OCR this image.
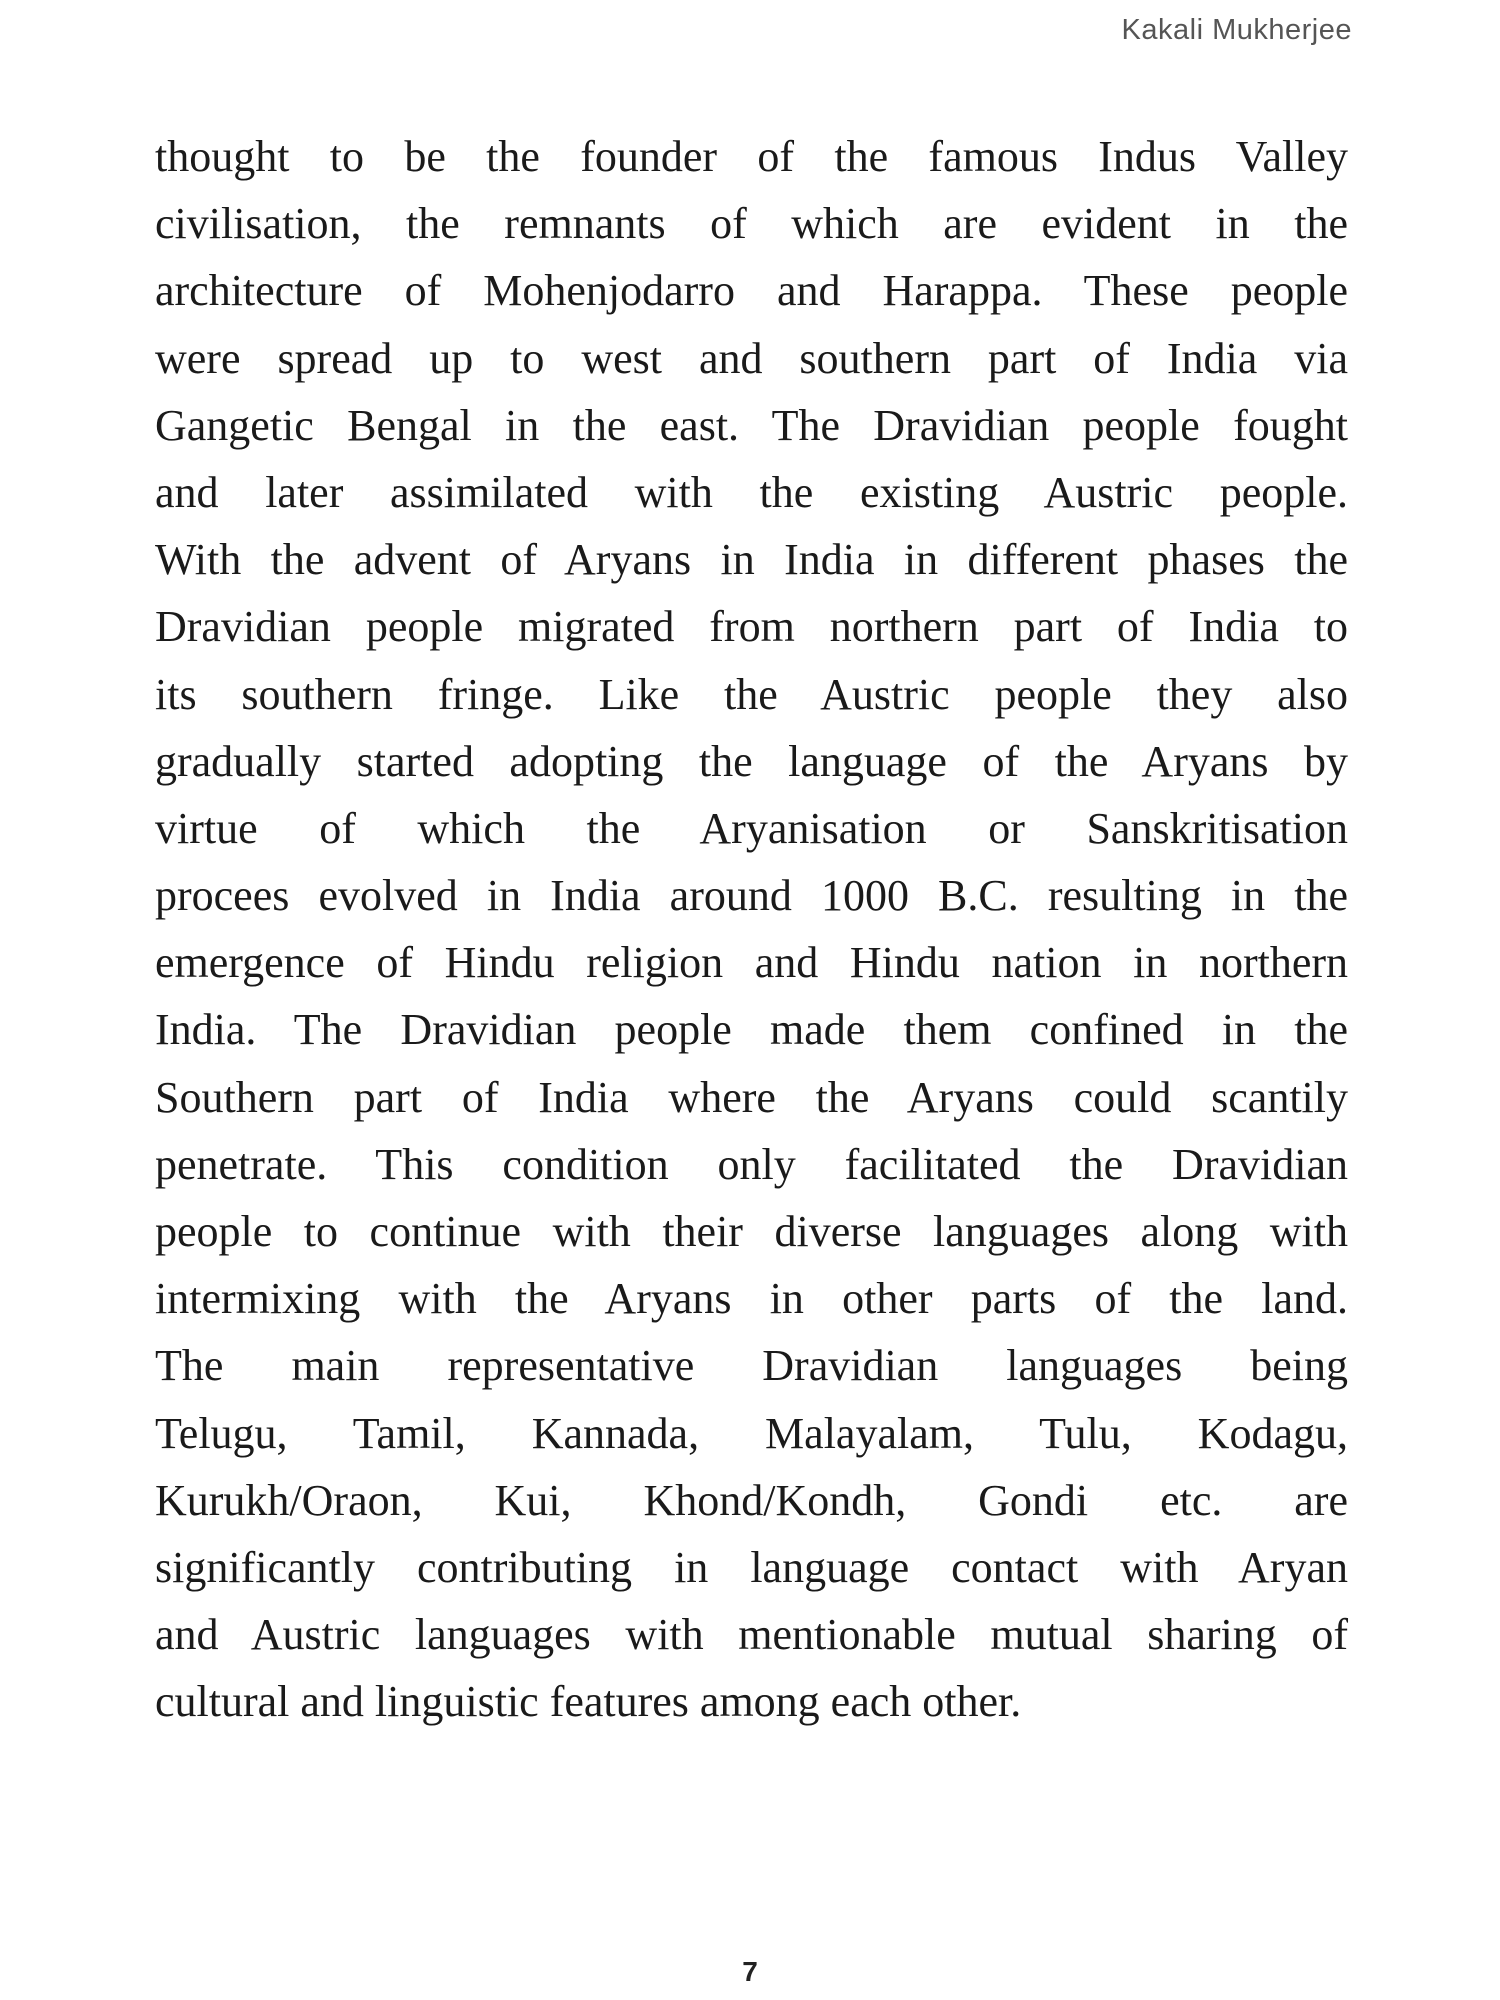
Kakali Mukherjee
thought to be the founder of the famous Indus Valley
civilisation, the remnants of which are evident in the
architecture of Mohenjodarro and Harappa. These people
were spread up to west and southern part of India via
Gangetic Bengal in the east. The Dravidian people fought
and later assimilated with the existing Austric people.
With the advent of Aryans in India in different phases the
Dravidian people migrated from northern part of India to
its southern fringe. Like the Austric people they also
gradually started adopting the language of the Aryans by
virtue of which the Aryanisation or Sanskritisation
procees evolved in India around 1000 B.C. resulting in the
emergence of Hindu religion and Hindu nation in northern
India. The Dravidian people made them confined in the
Southern part of India where the Aryans could scantily
penetrate. This condition only facilitated the Dravidian
people to continue with their diverse languages along with
intermixing with the Aryans in other parts of the land.
The main representative Dravidian languages being
Telugu, Tamil, Kannada, Malayalam, Tulu, Kodagu,
Kurukh/Oraon, Kui, Khond/Kondh, Gondi etc. are
significantly contributing in language contact with Aryan
and Austric languages with mentionable mutual sharing of
cultural and linguistic features among each other.
7
